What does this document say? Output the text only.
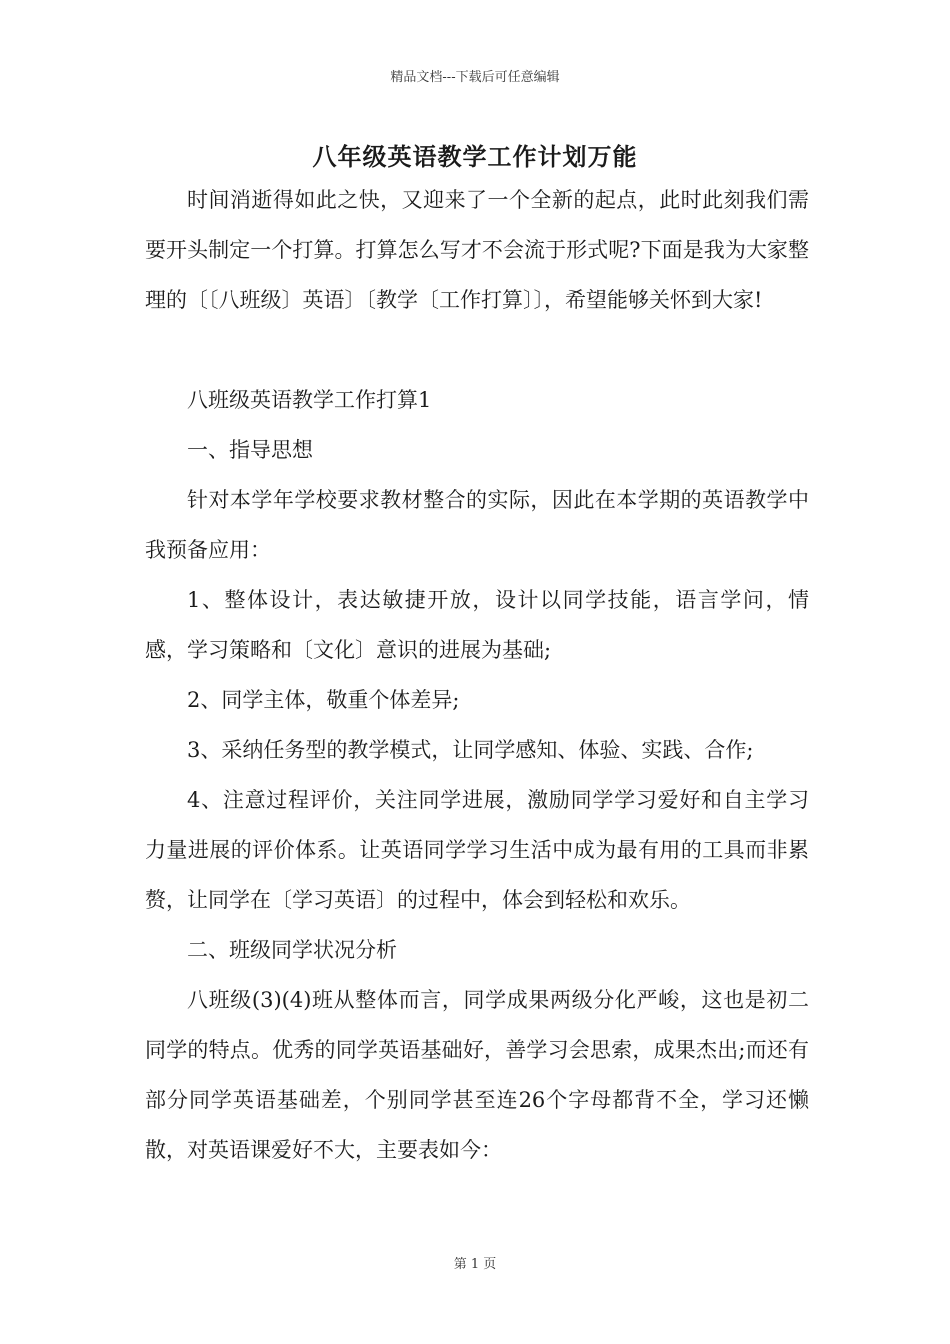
精品文档---下载后可任意编辑
八年级英语教学工作计划万能

时间消逝得如此之快，又迎来了一个全新的起点，此时此刻我们需要开头制定一个打算。打算怎么写才不会流于形式呢?下面是我为大家整理的〔〔八班级〕英语〕〔教学〔工作打算〕〕，希望能够关怀到大家!

八班级英语教学工作打算1

一、指导思想

针对本学年学校要求教材整合的实际，因此在本学期的英语教学中我预备应用：

1、整体设计，表达敏捷开放，设计以同学技能，语言学问，情感，学习策略和〔文化〕意识的进展为基础;

2、同学主体，敬重个体差异;

3、采纳任务型的教学模式，让同学感知、体验、实践、合作;

4、注意过程评价，关注同学进展，激励同学学习爱好和自主学习力量进展的评价体系。让英语同学学习生活中成为最有用的工具而非累赘，让同学在〔学习英语〕的过程中，体会到轻松和欢乐。

二、班级同学状况分析

八班级(3)(4)班从整体而言，同学成果两级分化严峻，这也是初二同学的特点。优秀的同学英语基础好，善学习会思索，成果杰出;而还有部分同学英语基础差，个别同学甚至连26个字母都背不全，学习还懒散，对英语课爱好不大，主要表如今：

第 1 页
